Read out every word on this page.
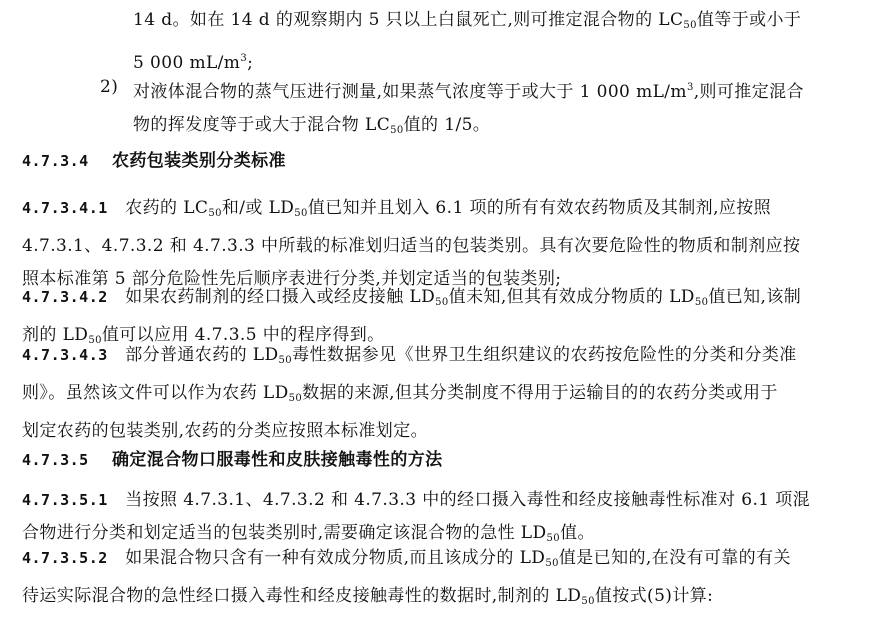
14 d。如在 14 d 的观察期内 5 只以上白鼠死亡,则可推定混合物的 $LC_{50}$值等于或小于
5 000 $mL/m^3$;
2) 对液体混合物的蒸气压进行测量,如果蒸气浓度等于或大于 1 000 $mL/m^3$,则可推定混合
物的挥发度等于或大于混合物 $LC_{50}$值的 1/5。
4.7.3.4 农药包装类别分类标准
4.7.3.4.1 农药的 $LC_{50}$和/或 $LD_{50}$值已知并且划入 6.1 项的所有有效农药物质及其制剂,应按照
4.7.3.1、4.7.3.2 和 4.7.3.3 中所载的标准划归适当的包装类别。具有次要危险性的物质和制剂应按
照本标准第 5 部分危险性先后顺序表进行分类,并划定适当的包装类别;
4.7.3.4.2 如果农药制剂的经口摄入或经皮接触 $LD_{50}$值未知,但其有效成分物质的 $LD_{50}$值已知,该制
剂的 $LD_{50}$值可以应用 4.7.3.5 中的程序得到。
4.7.3.4.3 部分普通农药的 $LD_{50}$毒性数据参见《世界卫生组织建议的农药按危险性的分类和分类准
则》。虽然该文件可以作为农药 $LD_{50}$数据的来源,但其分类制度不得用于运输目的的农药分类或用于
划定农药的包装类别,农药的分类应按照本标准划定。
4.7.3.5 确定混合物口服毒性和皮肤接触毒性的方法
4.7.3.5.1 当按照 4.7.3.1、4.7.3.2 和 4.7.3.3 中的经口摄入毒性和经皮接触毒性标准对 6.1 项混
合物进行分类和划定适当的包装类别时,需要确定该混合物的急性 $LD_{50}$值。
4.7.3.5.2 如果混合物只含有一种有效成分物质,而且该成分的 $LD_{50}$值是已知的,在没有可靠的有关
待运实际混合物的急性经口摄入毒性和经皮接触毒性的数据时,制剂的 $LD_{50}$值按式(5)计算:
